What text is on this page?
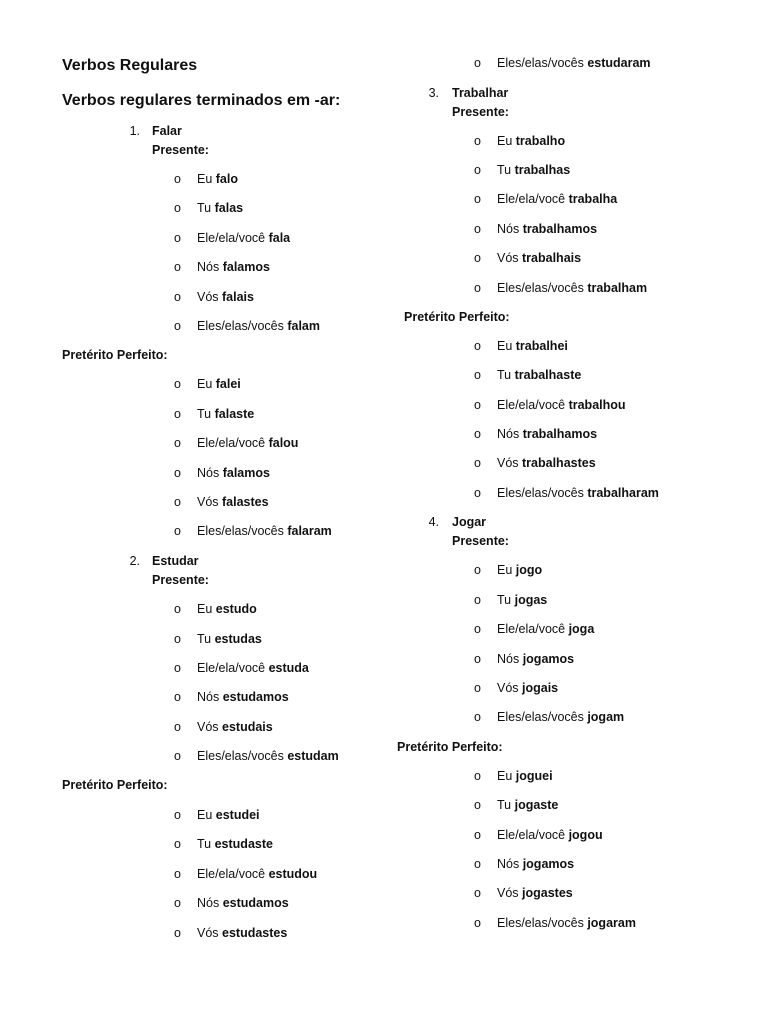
Verbos Regulares
Verbos regulares terminados em -ar:
1. Falar
Presente:
o Eu falo
o Tu falas
o Ele/ela/você fala
o Nós falamos
o Vós falais
o Eles/elas/vocês falam
Pretérito Perfeito:
o Eu falei
o Tu falaste
o Ele/ela/você falou
o Nós falamos
o Vós falastes
o Eles/elas/vocês falaram
2. Estudar
Presente:
o Eu estudo
o Tu estudas
o Ele/ela/você estuda
o Nós estudamos
o Vós estudais
o Eles/elas/vocês estudam
Pretérito Perfeito:
o Eu estudei
o Tu estudaste
o Ele/ela/você estudou
o Nós estudamos
o Vós estudastes
o Eles/elas/vocês estudaram
3. Trabalhar
Presente:
o Eu trabalho
o Tu trabalhas
o Ele/ela/você trabalha
o Nós trabalhamos
o Vós trabalhais
o Eles/elas/vocês trabalham
Pretérito Perfeito:
o Eu trabalhei
o Tu trabalhaste
o Ele/ela/você trabalhou
o Nós trabalhamos
o Vós trabalhastes
o Eles/elas/vocês trabalharam
4. Jogar
Presente:
o Eu jogo
o Tu jogas
o Ele/ela/você joga
o Nós jogamos
o Vós jogais
o Eles/elas/vocês jogam
Pretérito Perfeito:
o Eu joguei
o Tu jogaste
o Ele/ela/você jogou
o Nós jogamos
o Vós jogastes
o Eles/elas/vocês jogaram
